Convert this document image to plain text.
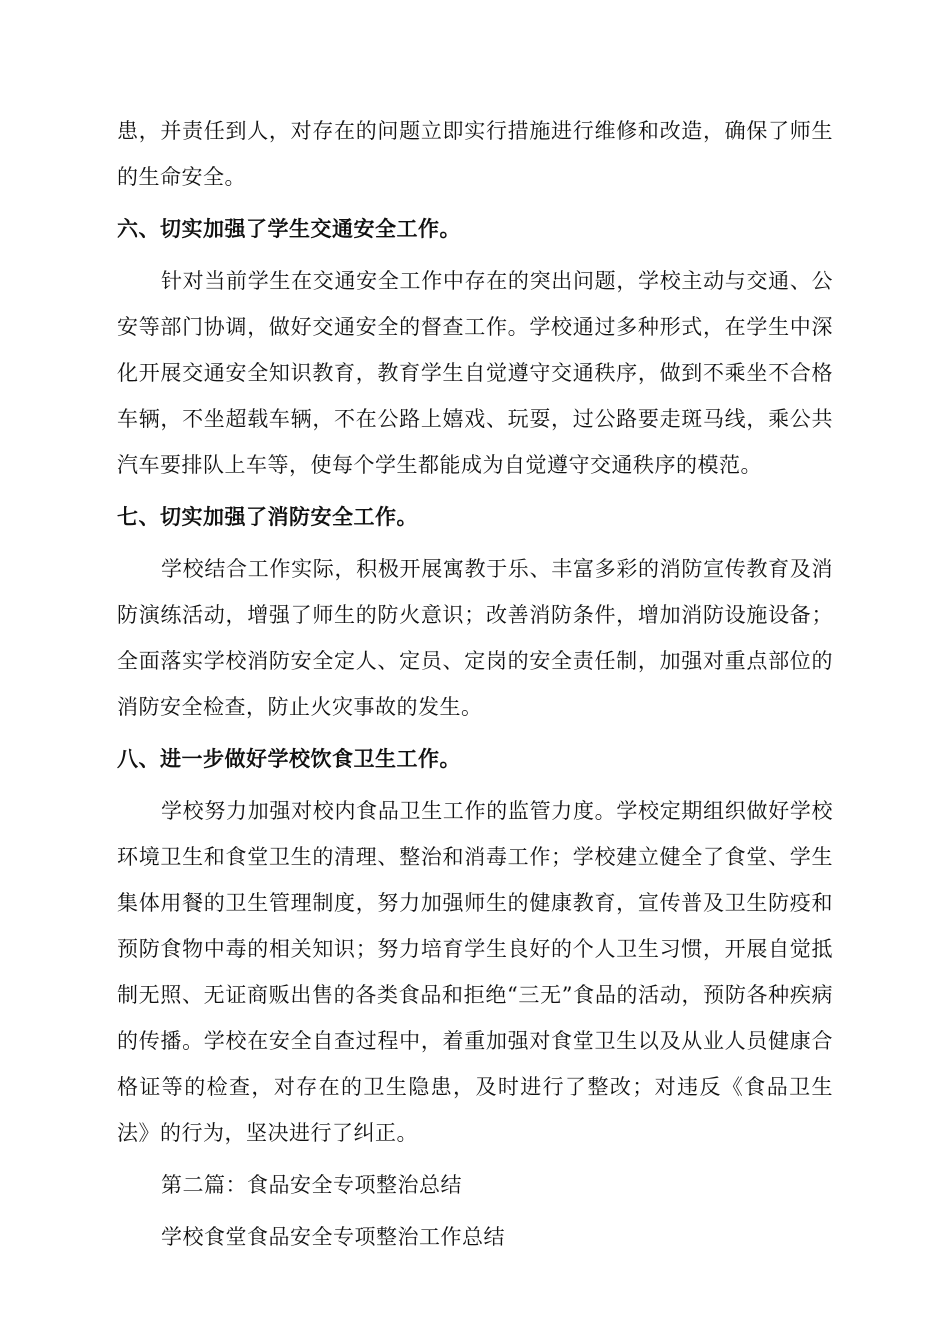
患，并责任到人，对存在的问题立即实行措施进行维修和改造，确保了师生的生命安全。

六、切实加强了学生交通安全工作。

针对当前学生在交通安全工作中存在的突出问题，学校主动与交通、公安等部门协调，做好交通安全的督查工作。学校通过多种形式，在学生中深化开展交通安全知识教育，教育学生自觉遵守交通秩序，做到不乘坐不合格车辆，不坐超载车辆，不在公路上嬉戏、玩耍，过公路要走斑马线，乘公共汽车要排队上车等，使每个学生都能成为自觉遵守交通秩序的模范。

七、切实加强了消防安全工作。

学校结合工作实际，积极开展寓教于乐、丰富多彩的消防宣传教育及消防演练活动，增强了师生的防火意识；改善消防条件，增加消防设施设备；全面落实学校消防安全定人、定员、定岗的安全责任制，加强对重点部位的消防安全检查，防止火灾事故的发生。

八、进一步做好学校饮食卫生工作。

学校努力加强对校内食品卫生工作的监管力度。学校定期组织做好学校环境卫生和食堂卫生的清理、整治和消毒工作；学校建立健全了食堂、学生集体用餐的卫生管理制度，努力加强师生的健康教育，宣传普及卫生防疫和预防食物中毒的相关知识；努力培育学生良好的个人卫生习惯，开展自觉抵制无照、无证商贩出售的各类食品和拒绝“三无”食品的活动，预防各种疾病的传播。学校在安全自查过程中，着重加强对食堂卫生以及从业人员健康合格证等的检查，对存在的卫生隐患，及时进行了整改；对违反《食品卫生法》的行为，坚决进行了纠正。

第二篇：食品安全专项整治总结

学校食堂食品安全专项整治工作总结
